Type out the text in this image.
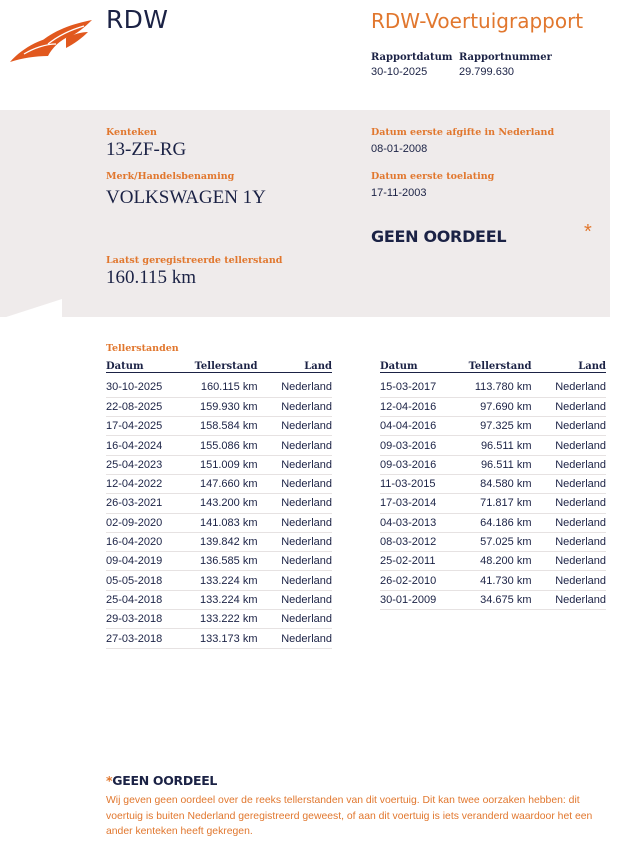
RDW	RDW-Voertuigrapport
Rapportdatum
30-10-2025
Rapportnummer
29.799.630
Kenteken
13-ZF-RG
Merk/Handelsbenaming
VOLKSWAGEN 1Y
Datum eerste afgifte in Nederland
08-01-2008
Datum eerste toelating
17-11-2003
GEEN OORDEEL	*
Laatst geregistreerde tellerstand
160.115 km
Tellerstanden
Datum	Tellerstand	Land

30-10-2025	160.115 km	Nederland
22-08-2025	159.930 km	Nederland
17-04-2025	158.584 km	Nederland
16-04-2024	155.086 km	Nederland
25-04-2023	151.009 km	Nederland
12-04-2022	147.660 km	Nederland
26-03-2021	143.200 km	Nederland
02-09-2020	141.083 km	Nederland
16-04-2020	139.842 km	Nederland
09-04-2019	136.585 km	Nederland
05-05-2018	133.224 km	Nederland
25-04-2018	133.224 km	Nederland
29-03-2018	133.222 km	Nederland
27-03-2018	133.173 km	Nederland
Datum	Tellerstand	Land

15-03-2017	113.780 km	Nederland
12-04-2016	97.690 km	Nederland
04-04-2016	97.325 km	Nederland
09-03-2016	96.511 km	Nederland
09-03-2016	96.511 km	Nederland
11-03-2015	84.580 km	Nederland
17-03-2014	71.817 km	Nederland
04-03-2013	64.186 km	Nederland
08-03-2012	57.025 km	Nederland
25-02-2011	48.200 km	Nederland
26-02-2010	41.730 km	Nederland
30-01-2009	34.675 km	Nederland
*GEEN OORDEEL
Wij geven geen oordeel over de reeks tellerstanden van dit voertuig. Dit kan twee oorzaken hebben: dit voertuig is buiten Nederland geregistreerd geweest, of aan dit voertuig is iets veranderd waardoor het een ander kenteken heeft gekregen.
